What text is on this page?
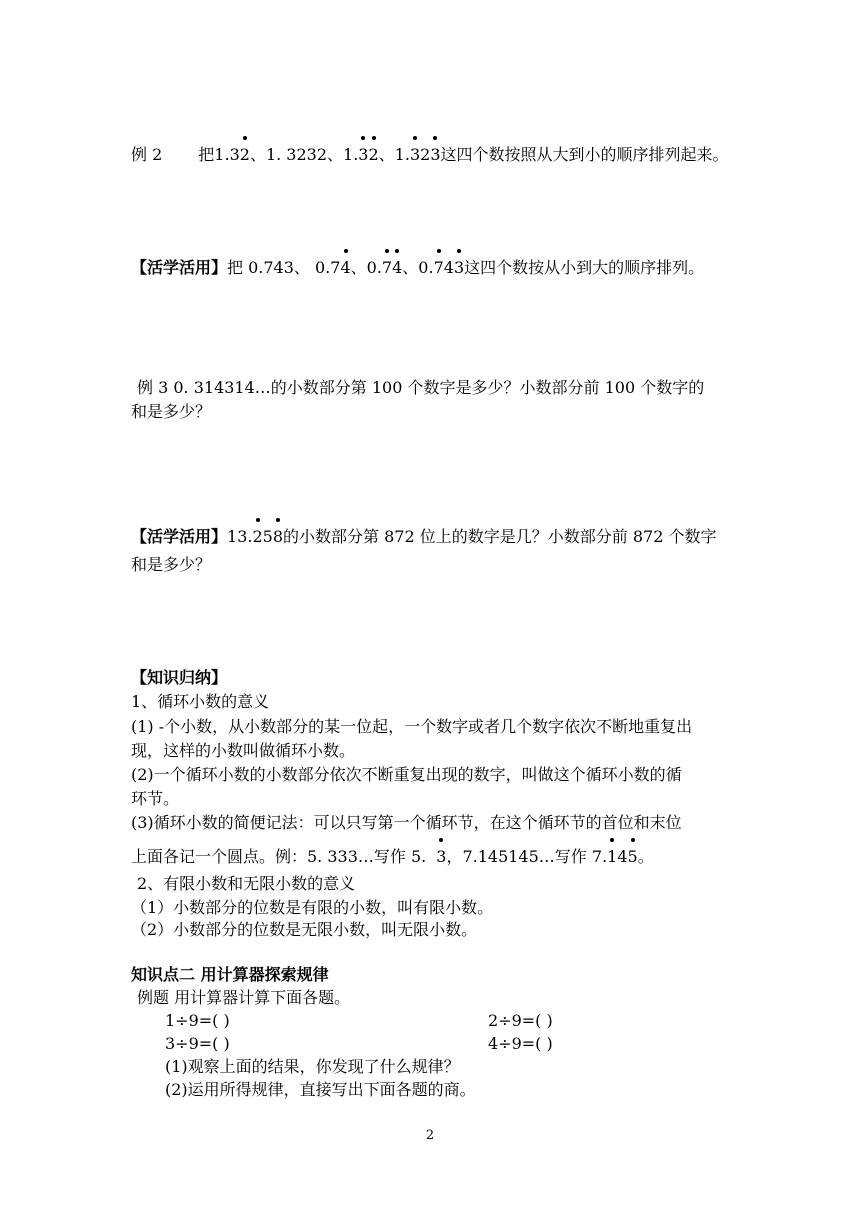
例 2 把1.32、1. 3232、1.32、1.323这四个数按照从大到小的顺序排列起来。
【活学活用】把 0.743、 0.74、0.74、0.743这四个数按从小到大的顺序排列。
例 3 0. 314314…的小数部分第 100 个数字是多少？小数部分前 100 个数字的
和是多少？
【活学活用】13.258的小数部分第 872 位上的数字是几？小数部分前 872 个数字
和是多少？
【知识归纳】
1、循环小数的意义
(1) -个小数，从小数部分的某一位起，一个数字或者几个数字依次不断地重复出
现，这样的小数叫做循环小数。
(2)一个循环小数的小数部分依次不断重复出现的数字，叫做这个循环小数的循
环节。
(3)循环小数的简便记法：可以只写第一个循环节，在这个循环节的首位和末位
上面各记一个圆点。例：5. 333…写作 5. 3，7.145145…写作 7.145。
2、有限小数和无限小数的意义
（1）小数部分的位数是有限的小数，叫有限小数。
（2）小数部分的位数是无限小数，叫无限小数。
知识点二 用计算器探索规律
例题 用计算器计算下面各题。
1÷9=( )	2÷9=( )
3÷9=( )	4÷9=( )
(1)观察上面的结果，你发现了什么规律？
(2)运用所得规律，直接写出下面各题的商。
2
